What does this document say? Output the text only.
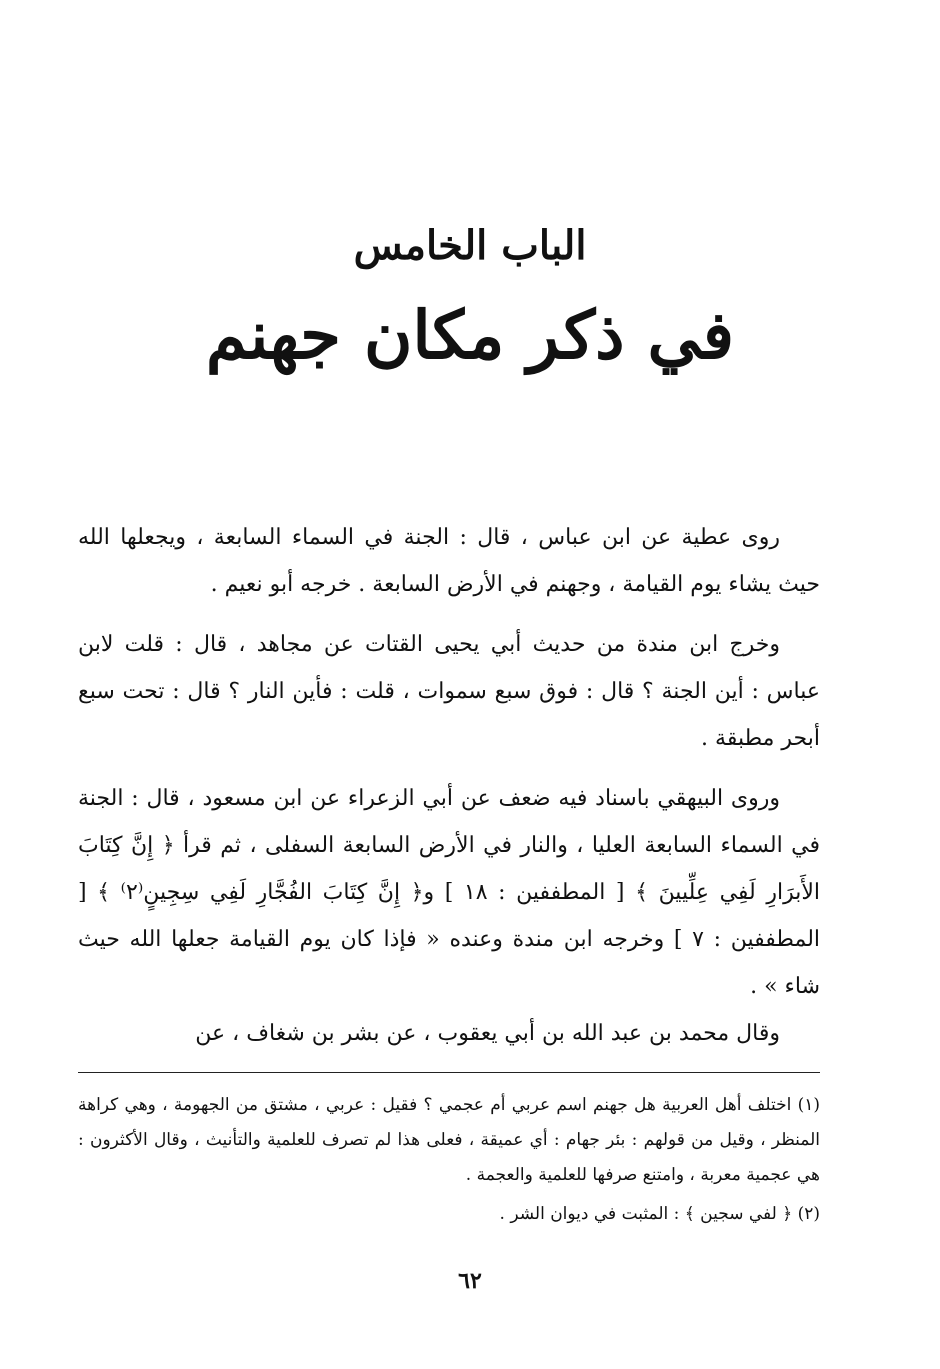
الباب الخامس
في ذكر مكان جهنم

روى عطية عن ابن عباس ، قال : الجنة في السماء السابعة ، ويجعلها الله حيث يشاء يوم القيامة ، وجهنم في الأرض السابعة . خرجه أبو نعيم .

وخرج ابن مندة من حديث أبي يحيى القتات عن مجاهد ، قال : قلت لابن عباس : أين الجنة ؟ قال : فوق سبع سموات ، قلت : فأين النار ؟ قال : تحت سبع أبحر مطبقة .

وروى البيهقي باسناد فيه ضعف عن أبي الزعراء عن ابن مسعود ، قال : الجنة في السماء السابعة العليا ، والنار في الأرض السابعة السفلى ، ثم قرأ ﴿ إِنَّ كِتَابَ الأَبرَارِ لَفِي عِلِّيينَ ﴾ [ المطففين : ١٨ ] و﴿ إِنَّ كِتَابَ الفُجَّارِ لَفِي سِجِينٍ⁽٢⁾ ﴾ [ المطففين : ٧ ] وخرجه ابن مندة وعنده « فإذا كان يوم القيامة جعلها الله حيث شاء » .

وقال محمد بن عبد الله بن أبي يعقوب ، عن بشر بن شغاف ، عن

(١) اختلف أهل العربية هل جهنم اسم عربي أم عجمي ؟ فقيل : عربي ، مشتق من الجهومة ، وهي كراهة المنظر ، وقيل من قولهم : بئر جهام : أي عميقة ، فعلى هذا لم تصرف للعلمية والتأنيث ، وقال الأكثرون : هي عجمية معربة ، وامتنع صرفها للعلمية والعجمة .

(٢) ﴿ لفي سجين ﴾ : المثبت في ديوان الشر .

٦٢
